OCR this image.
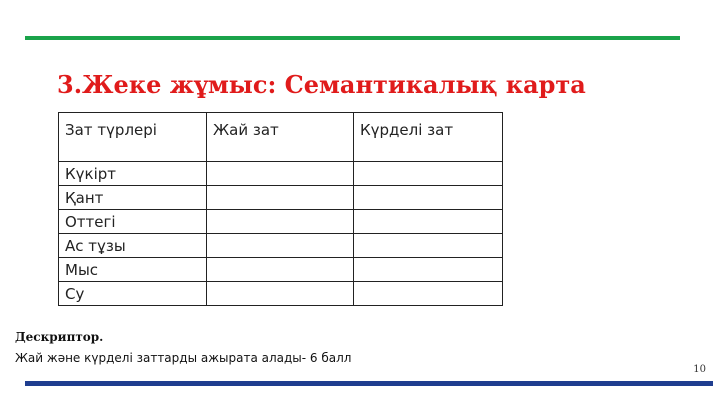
3.Жеке жұмыс: Семантикалық карта
Зат түрлері	Жай зат	Күрделі зат
Күкірт		
Қант		
Оттегі		
Ас тұзы		
Мыс		
Су		
Дескриптор.
Жай және күрделі заттарды ажырата алады- 6 балл
10
